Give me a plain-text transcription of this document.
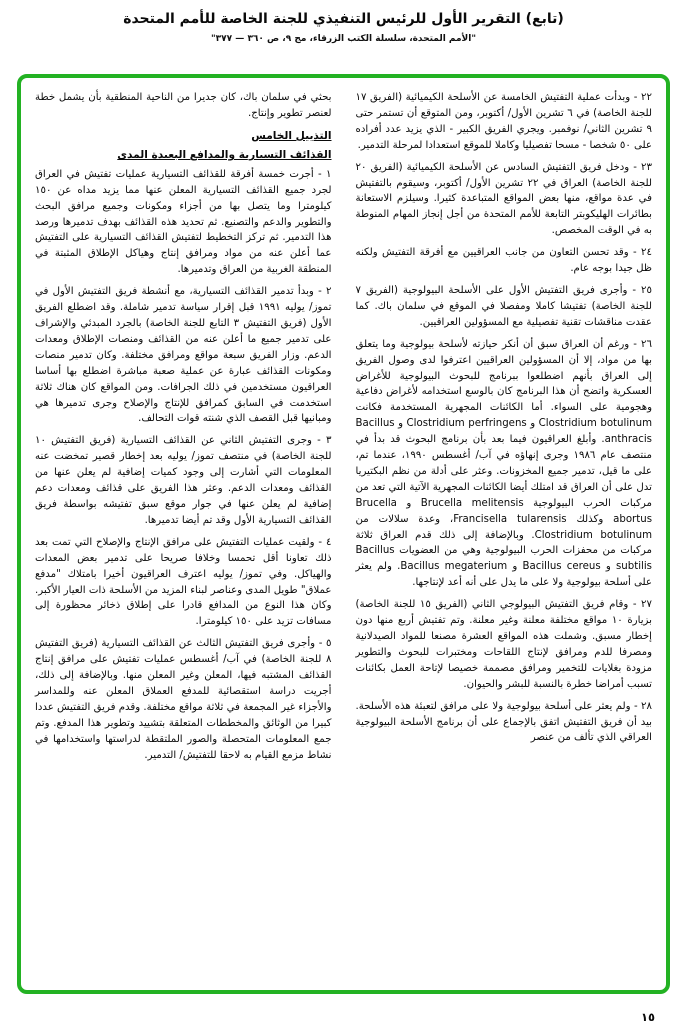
(تابع) التقرير الأول للرئيس التنفيذي للجنة الخاصة للأمم المتحدة
"الأمم المتحدة، سلسلة الكتب الزرقاء، مج ٩، ص ٣٦٠ — ٣٧٧"

٢٢ - وبدأت عملية التفتيش الخامسة عن الأسلحة الكيميائية (الفريق ١٧ للجنة الخاصة) في ٦ تشرين الأول/ أكتوبر، ومن المتوقع أن تستمر حتى ٩ تشرين الثاني/ نوفمبر. ويجري الفريق الكبير - الذي يزيد عدد أفراده على ٥٠ شخصا - مسحا تفصيليا وكاملا للموقع استعدادا لمرحلة التدمير.

٢٣ - ودخل فريق التفتيش السادس عن الأسلحة الكيميائية (الفريق ٢٠ للجنة الخاصة) العراق في ٢٢ تشرين الأول/ أكتوبر، وسيقوم بالتفتيش في عدة مواقع، منها بعض المواقع المتباعدة كثيرا. وسيلزم الاستعانة بطائرات الهليكوبتر التابعة للأمم المتحدة من أجل إنجاز المهام المنوطة به في الوقت المخصص.

٢٤ - وقد تحسن التعاون من جانب العراقيين مع أفرقة التفتيش ولكنه ظل جيدا بوجه عام.

٢٥ - وأجرى فريق التفتيش الأول على الأسلحة البيولوجية (الفريق ٧ للجنة الخاصة) تفتيشا كاملا ومفصلا في الموقع في سلمان باك. كما عقدت مناقشات تقنية تفصيلية مع المسؤولين العراقيين.

٢٦ - ورغم أن العراق سبق أن أنكر حيازته لأسلحة بيولوجية وما يتعلق بها من مواد، إلا أن المسؤولين العراقيين اعترفوا لدى وصول الفريق إلى العراق بأنهم اضطلعوا ببرنامج للبحوث البيولوجية للأغراض العسكرية واتضح أن هذا البرنامج كان بالوسع استخدامه لأغراض دفاعية وهجومية على السواء. أما الكائنات المجهرية المستخدمة فكانت Clostridium botulinum و Clostridium perfringens و Bacillus anthracis. وأبلغ العراقيون فيما بعد بأن برنامج البحوث قد بدأ في منتصف عام ١٩٨٦ وجرى إنهاؤه في آب/ أغسطس ١٩٩٠، عندما تم، على ما قيل، تدمير جميع المخزونات. وعثر على أدلة من نظم البكتيريا تدل على أن العراق قد امتلك أيضا الكائنات المجهرية الآتية التي تعد من مركبات الحرب البيولوجية Brucella melitensis و Brucella abortus وكذلك Francisella tularensis، وعدة سلالات من Clostridium botulinum. وبالإضافة إلى ذلك قدم العراق ثلاثة مركبات من محفزات الحرب البيولوجية وهي من العضويات Bacillus subtilis و Bacillus cereus و Bacillus megaterium. ولم يعثر على أسلحة بيولوجية ولا على ما يدل على أنه أعد لإنتاجها.

٢٧ - وقام فريق التفتيش البيولوجي الثاني (الفريق ١٥ للجنة الخاصة) بزيارة ١٠ مواقع مختلفة معلنة وغير معلنة. وتم تفتيش أربع منها دون إخطار مسبق. وشملت هذه المواقع العشرة مصنعا للمواد الصيدلانية ومصرفا للدم ومرافق لإنتاج اللقاحات ومختبرات للبحوث والتطوير مزودة بغلايات للتخمير ومرافق مصممة خصيصا لإتاحة العمل بكائنات تسبب أمراضا خطرة بالنسبة للبشر والحيوان.

٢٨ - ولم يعثر على أسلحة بيولوجية ولا على مرافق لتعبئة هذه الأسلحة. بيد أن فريق التفتيش اتفق بالإجماع على أن برنامج الأسلحة البيولوجية العراقي الذي تألف من عنصر

بحثي في سلمان باك، كان جديرا من الناحية المنطقية بأن يشمل خطة لعنصر تطوير وإنتاج.

التذييل الخامس
القذائف التسيارية والمدافع البعيدة المدى

١ - أجرت خمسة أفرقة للقذائف التسيارية عمليات تفتيش في العراق لجرد جميع القذائف التسيارية المعلن عنها مما يزيد مداه عن ١٥٠ كيلومترا وما يتصل بها من أجزاء ومكونات وجميع مرافق البحث والتطوير والدعم والتصنيع. ثم تحديد هذه القذائف بهدف تدميرها ورصد هذا التدمير. ثم تركز التخطيط لتفتيش القذائف التسيارية على التفتيش عما أعلن عنه من مواد ومرافق إنتاج وهياكل الإطلاق المثبتة في المنطقة الغربية من العراق وتدميرها.

٢ - وبدأ تدمير القذائف التسيارية، مع أنشطة فريق التفتيش الأول في تموز/ يوليه ١٩٩١ قبل إقرار سياسة تدمير شاملة. وقد اضطلع الفريق الأول (فريق التفتيش ٣ التابع للجنة الخاصة) بالجرد المبدئي والإشراف على تدمير جميع ما أعلن عنه من القذائف ومنصات الإطلاق ومعدات الدعم. وزار الفريق سبعة مواقع ومرافق مختلفة. وكان تدمير منصات ومكونات القذائف عبارة عن عملية صعبة مباشرة اضطلع بها أساسا العراقيون مستخدمين في ذلك الجرافات. ومن المواقع كان هناك ثلاثة استخدمت في السابق كمرافق للإنتاج والإصلاح وجرى تدميرها هي ومبانيها قبل القصف الذي شنته قوات التحالف.

٣ - وجرى التفتيش الثاني عن القذائف التسيارية (فريق التفتيش ١٠ للجنة الخاصة) في منتصف تموز/ يوليه بعد إخطار قصير تمخضت عنه المعلومات التي أشارت إلى وجود كميات إضافية لم يعلن عنها من القذائف ومعدات الدعم. وعثر هذا الفريق على قذائف ومعدات دعم إضافية لم يعلن عنها في جوار موقع سبق تفتيشه بواسطة فريق القذائف التسيارية الأول وقد تم أيضا تدميرها.

٤ - ولقيت عمليات التفتيش على مرافق الإنتاج والإصلاح التي تمت بعد ذلك تعاونا أقل تحمسا وخلافا صريحا على تدمير بعض المعدات والهياكل. وفي تموز/ يوليه اعترف العراقيون أخيرا بامتلاك "مدفع عملاق" طويل المدى وعناصر لبناء المزيد من الأسلحة ذات العيار الأكبر. وكان هذا النوع من المدافع قادرا على إطلاق ذخائر محظورة إلى مسافات تزيد على ١٥٠ كيلومترا.

٥ - وأجرى فريق التفتيش الثالث عن القذائف التسيارية (فريق التفتيش ٨ للجنة الخاصة) في آب/ أغسطس عمليات تفتيش على مرافق إنتاج القذائف المشتبه فيها، المعلن وغير المعلن منها. وبالإضافة إلى ذلك، أجريت دراسة استقصائية للمدفع العملاق المعلن عنه وللمداسر والأجزاء غير المجمعة في ثلاثة مواقع مختلفة. وقدم فريق التفتيش عددا كبيرا من الوثائق والمخططات المتعلقة بتشييد وتطوير هذا المدفع. وتم جمع المعلومات المتحصلة والصور الملتقطة لدراستها واستخدامها في نشاط مزمع القيام به لاحقا للتفتيش/ التدمير.

١٥
